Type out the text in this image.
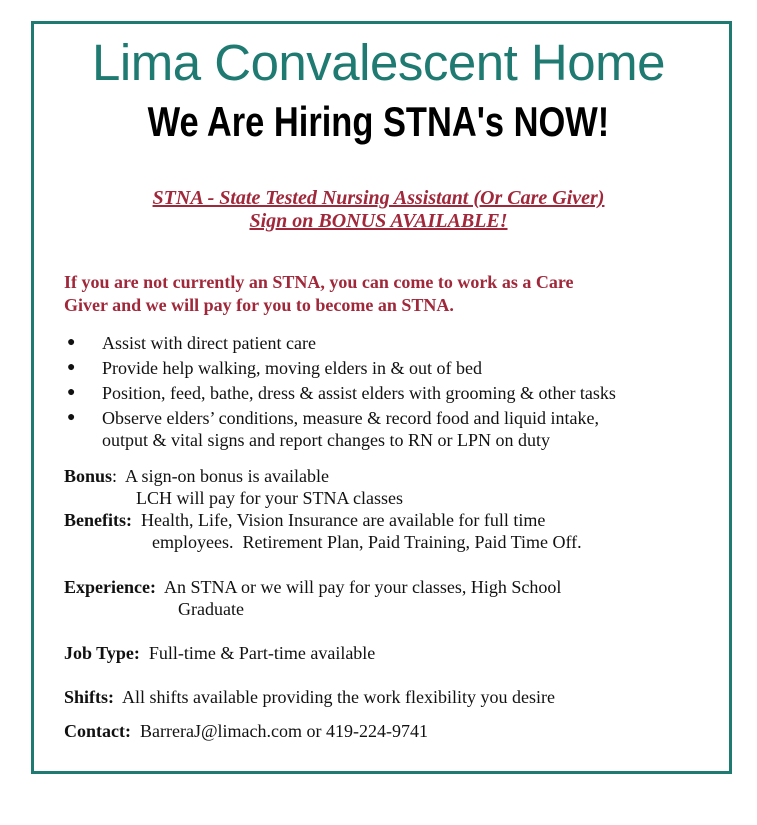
Lima Convalescent Home
We Are Hiring STNA's NOW!
STNA - State Tested Nursing Assistant (Or Care Giver)
Sign on BONUS AVAILABLE!
If you are not currently an STNA, you can come to work as a Care
Giver and we will pay for you to become an STNA.
● Assist with direct patient care
● Provide help walking, moving elders in & out of bed
● Position, feed, bathe, dress & assist elders with grooming & other tasks
● Observe elders’ conditions, measure & record food and liquid intake,
output & vital signs and report changes to RN or LPN on duty
Bonus:  A sign-on bonus is available
LCH will pay for your STNA classes
Benefits:  Health, Life, Vision Insurance are available for full time
employees.  Retirement Plan, Paid Training, Paid Time Off.
Experience:  An STNA or we will pay for your classes, High School
Graduate
Job Type:  Full-time & Part-time available
Shifts:  All shifts available providing the work flexibility you desire
Contact:  BarreraJ@limach.com or 419-224-9741
